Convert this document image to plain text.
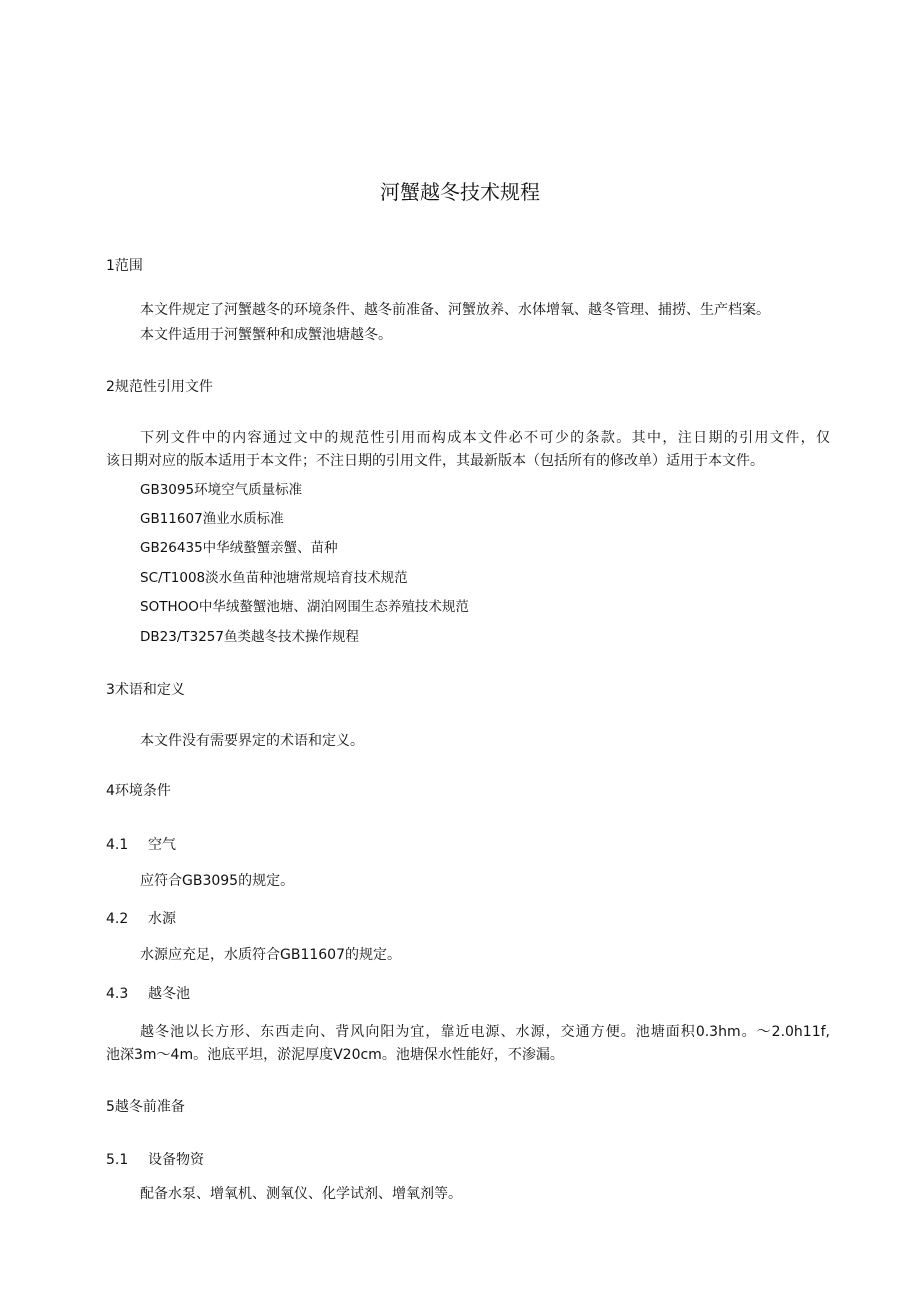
河蟹越冬技术规程
1范围
本文件规定了河蟹越冬的环境条件、越冬前准备、河蟹放养、水体增氧、越冬管理、捕捞、生产档案。
本文件适用于河蟹蟹种和成蟹池塘越冬。
2规范性引用文件
下列文件中的内容通过文中的规范性引用而构成本文件必不可少的条款。其中，注日期的引用文件，仅
该日期对应的版本适用于本文件；不注日期的引用文件，其最新版本（包括所有的修改单）适用于本文件。
GB3095环境空气质量标准
GB11607渔业水质标准
GB26435中华绒螯蟹亲蟹、苗种
SC/T1008淡水鱼苗种池塘常规培育技术规范
SOTHOO中华绒螯蟹池塘、湖泊网围生态养殖技术规范
DB23/T3257鱼类越冬技术操作规程
3术语和定义
本文件没有需要界定的术语和定义。
4环境条件
4.1 空气
应符合GB3095的规定。
4.2 水源
水源应充足，水质符合GB11607的规定。
4.3 越冬池
越冬池以长方形、东西走向、背风向阳为宜，靠近电源、水源，交通方便。池塘面积0.3hm。〜2.0h11f,
池深3m〜4m。池底平坦，淤泥厚度V20cm。池塘保水性能好，不渗漏。
5越冬前准备
5.1 设备物资
配备水泵、增氧机、测氧仪、化学试剂、增氧剂等。
